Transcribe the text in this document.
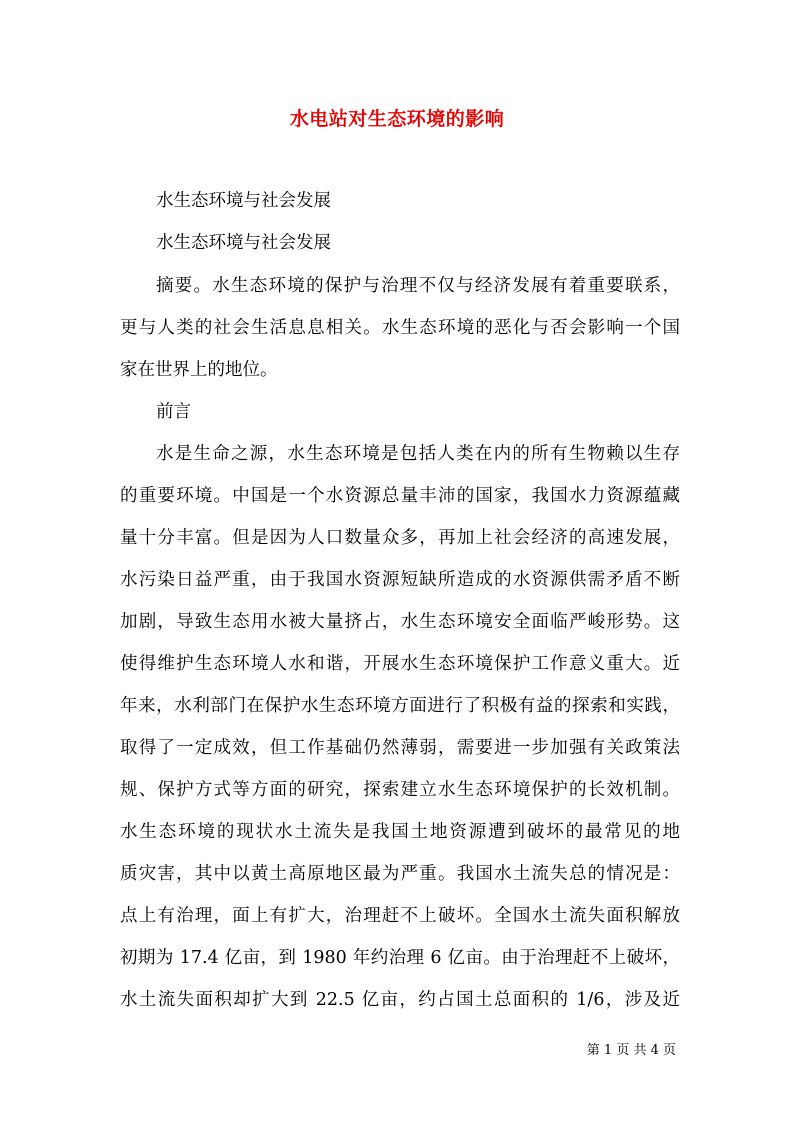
水电站对生态环境的影响
水生态环境与社会发展
水生态环境与社会发展
摘要。水生态环境的保护与治理不仅与经济发展有着重要联系，
更与人类的社会生活息息相关。水生态环境的恶化与否会影响一个国
家在世界上的地位。
前言
水是生命之源，水生态环境是包括人类在内的所有生物赖以生存
的重要环境。中国是一个水资源总量丰沛的国家，我国水力资源蕴藏
量十分丰富。但是因为人口数量众多，再加上社会经济的高速发展，
水污染日益严重，由于我国水资源短缺所造成的水资源供需矛盾不断
加剧，导致生态用水被大量挤占，水生态环境安全面临严峻形势。这
使得维护生态环境人水和谐，开展水生态环境保护工作意义重大。近
年来，水利部门在保护水生态环境方面进行了积极有益的探索和实践，
取得了一定成效，但工作基础仍然薄弱，需要进一步加强有关政策法
规、保护方式等方面的研究，探索建立水生态环境保护的长效机制。
水生态环境的现状水土流失是我国土地资源遭到破坏的最常见的地
质灾害，其中以黄土高原地区最为严重。我国水土流失总的情况是：
点上有治理，面上有扩大，治理赶不上破坏。全国水土流失面积解放
初期为 17.4 亿亩，到 1980 年约治理 6 亿亩。由于治理赶不上破坏，
水土流失面积却扩大到 22.5 亿亩，约占国土总面积的 1/6，涉及近
第 1 页 共 4 页
